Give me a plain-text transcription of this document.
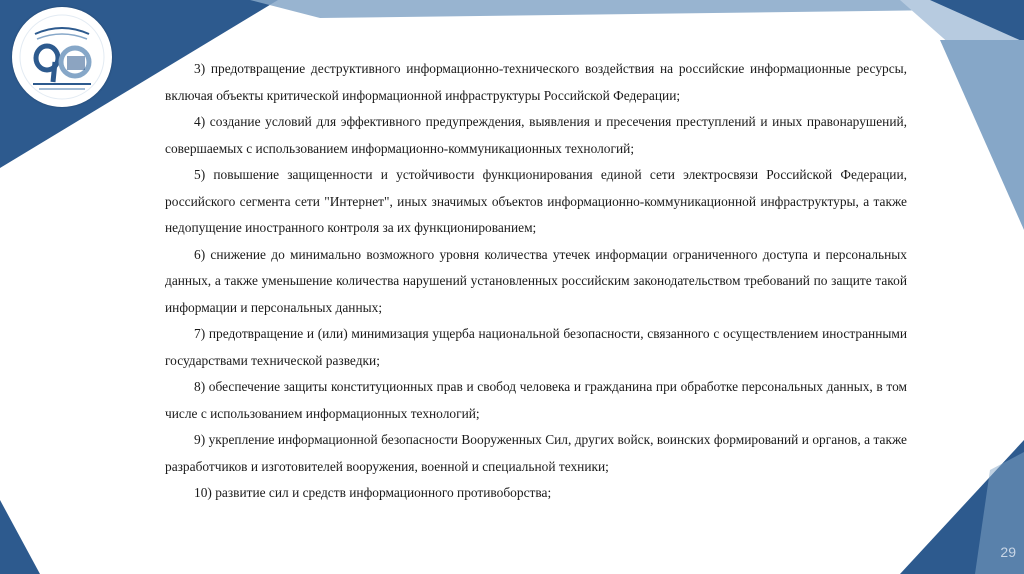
3) предотвращение деструктивного информационно-технического воздействия на российские информационные ресурсы, включая объекты критической информационной инфраструктуры Российской Федерации;

4) создание условий для эффективного предупреждения, выявления и пресечения преступлений и иных правонарушений, совершаемых с использованием информационно-коммуникационных технологий;

5) повышение защищенности и устойчивости функционирования единой сети электросвязи Российской Федерации, российского сегмента сети "Интернет", иных значимых объектов информационно-коммуникационной инфраструктуры, а также недопущение иностранного контроля за их функционированием;

6) снижение до минимально возможного уровня количества утечек информации ограниченного доступа и персональных данных, а также уменьшение количества нарушений установленных российским законодательством требований по защите такой информации и персональных данных;

7) предотвращение и (или) минимизация ущерба национальной безопасности, связанного с осуществлением иностранными государствами технической разведки;

8) обеспечение защиты конституционных прав и свобод человека и гражданина при обработке персональных данных, в том числе с использованием информационных технологий;

9) укрепление информационной безопасности Вооруженных Сил, других войск, воинских формирований и органов, а также разработчиков и изготовителей вооружения, военной и специальной техники;

10) развитие сил и средств информационного противоборства;

29
